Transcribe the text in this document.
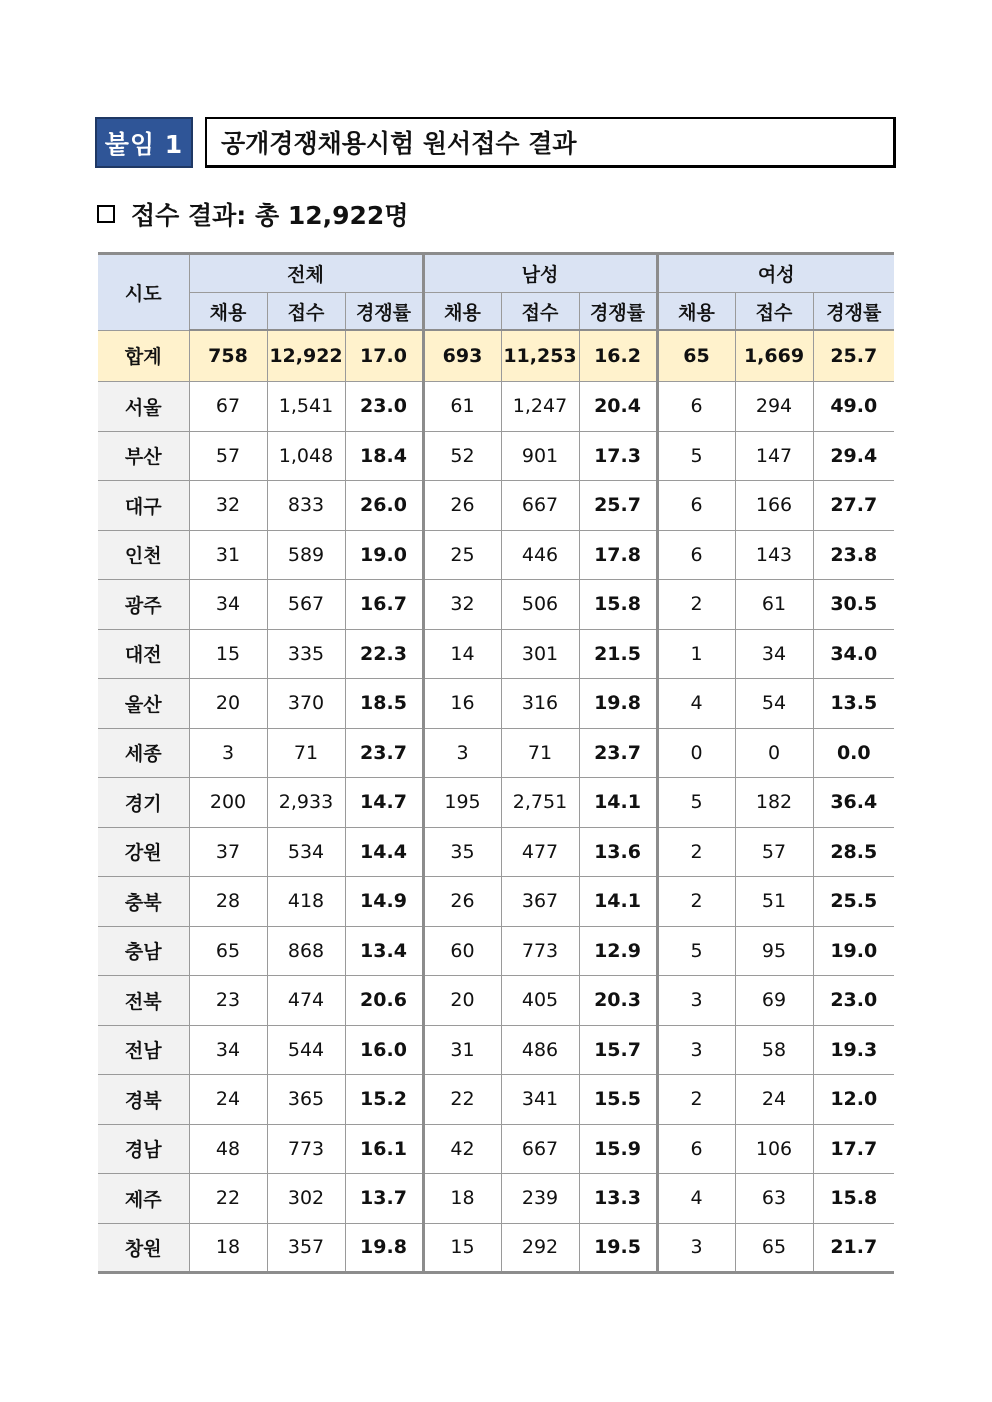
붙임 1	공개경쟁채용시험 원서접수 결과
접수 결과: 총 12,922명
시도	전체			남성			여성		
	채용	접수	경쟁률	채용	접수	경쟁률	채용	접수	경쟁률
합계	758	12,922	17.0	693	11,253	16.2	65	1,669	25.7
서울	67	1,541	23.0	61	1,247	20.4	6	294	49.0
부산	57	1,048	18.4	52	901	17.3	5	147	29.4
대구	32	833	26.0	26	667	25.7	6	166	27.7
인천	31	589	19.0	25	446	17.8	6	143	23.8
광주	34	567	16.7	32	506	15.8	2	61	30.5
대전	15	335	22.3	14	301	21.5	1	34	34.0
울산	20	370	18.5	16	316	19.8	4	54	13.5
세종	3	71	23.7	3	71	23.7	0	0	0.0
경기	200	2,933	14.7	195	2,751	14.1	5	182	36.4
강원	37	534	14.4	35	477	13.6	2	57	28.5
충북	28	418	14.9	26	367	14.1	2	51	25.5
충남	65	868	13.4	60	773	12.9	5	95	19.0
전북	23	474	20.6	20	405	20.3	3	69	23.0
전남	34	544	16.0	31	486	15.7	3	58	19.3
경북	24	365	15.2	22	341	15.5	2	24	12.0
경남	48	773	16.1	42	667	15.9	6	106	17.7
제주	22	302	13.7	18	239	13.3	4	63	15.8
창원	18	357	19.8	15	292	19.5	3	65	21.7
